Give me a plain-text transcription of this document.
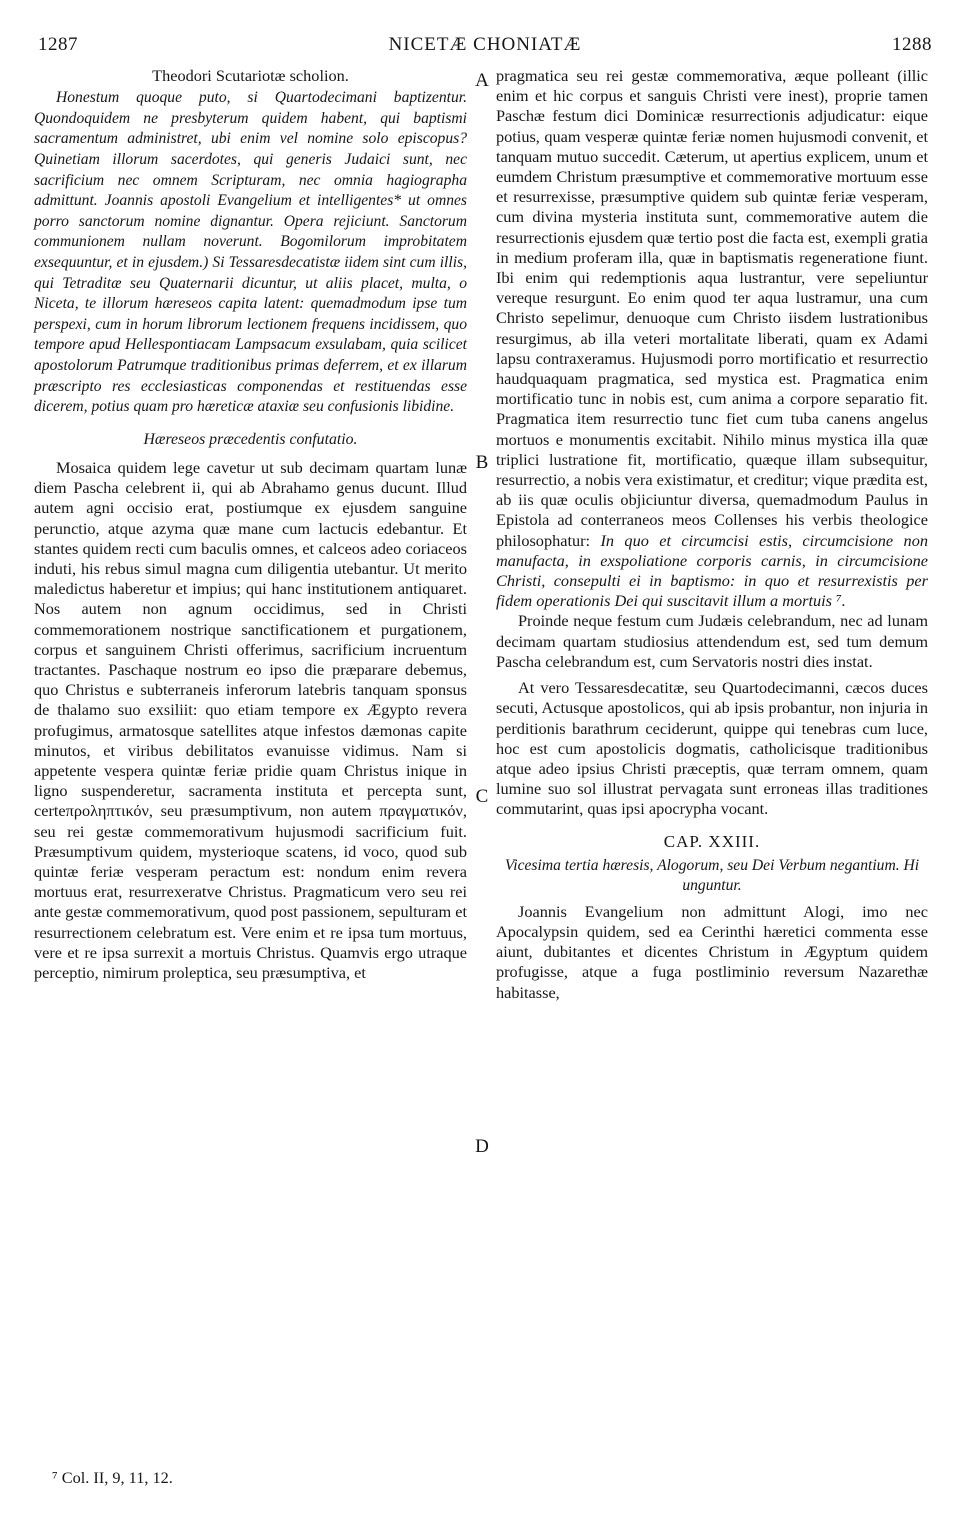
1287	NICETÆ CHONIATÆ	1288

Theodori Scutariotæ scholion.

Honestum quoque puto, si Quartodecimani baptizentur. Quondoquidem ne presbyterum quidem habent, qui baptismi sacramentum administret, ubi enim vel nomine solo episcopus? Quinetiam illorum sacerdotes, qui generis Judaici sunt, nec sacrificium nec omnem Scripturam, nec omnia hagiographa admittunt. Joannis apostoli Evangelium et intelligentes* ut omnes porro sanctorum nomine dignantur. Opera rejiciunt. Sanctorum communionem nullam noverunt. Bogomilorum improbitatem exsequuntur, et in ejusdem.) Si Tessaresdecatistæ iidem sint cum illis, qui Tetraditæ seu Quaternarii dicuntur, ut aliis placet, multa, o Niceta, te illorum hæreseos capita latent: quemadmodum ipse tum perspexi, cum in horum librorum lectionem frequens incidissem, quo tempore apud Hellespontiacam Lampsacum exsulabam, quia scilicet apostolorum Patrumque traditionibus primas deferrem, et ex illarum præscripto res ecclesiasticas componendas et restituendas esse dicerem, potius quam pro hæreticæ ataxiæ seu confusionis libidine.

Hæreseos præcedentis confutatio.

Mosaica quidem lege cavetur ut sub decimam quartam lunæ diem Pascha celebrent ii, qui ab Abrahamo genus ducunt. Illud autem agni occisio erat, postiumque ex ejusdem sanguine perunctio, atque azyma quæ mane cum lactucis edebantur. Et stantes quidem recti cum baculis omnes, et calceos adeo coriaceos induti, his rebus simul magna cum diligentia utebantur. Ut merito maledictus haberetur et impius; qui hanc institutionem antiquaret. Nos autem non agnum occidimus, sed in Christi commemorationem nostrique sanctificationem et purgationem, corpus et sanguinem Christi offerimus, sacrificium incruentum tractantes. Paschaque nostrum eo ipso die præparare debemus, quo Christus e subterraneis inferorum latebris tanquam sponsus de thalamo suo exsiliit: quo etiam tempore ex Ægypto revera profugimus, armatosque satellites atque infestos dæmonas capite minutos, et viribus debilitatos evanuisse vidimus. Nam si appetente vespera quintæ feriæ pridie quam Christus inique in ligno suspenderetur, sacramenta instituta et percepta sunt, certeπροληπτικόν, seu præsumptivum, non autem πραγματικόν, seu rei gestæ commemorativum hujusmodi sacrificium fuit. Præsumptivum quidem, mysterioque scatens, id voco, quod sub quintæ feriæ vesperam peractum est: nondum enim revera mortuus erat, resurrexeratve Christus. Pragmaticum vero seu rei ante gestæ commemorativum, quod post passionem, sepulturam et resurrectionem celebratum est. Vere enim et re ipsa tum mortuus, vere et re ipsa surrexit a mortuis Christus. Quamvis ergo utraque perceptio, nimirum proleptica, seu præsumptiva, et

pragmatica seu rei gestæ commemorativa, æque polleant (illic enim et hic corpus et sanguis Christi vere inest), proprie tamen Paschæ festum dici Dominicæ resurrectionis adjudicatur: eique potius, quam vesperæ quintæ feriæ nomen hujusmodi convenit, et tanquam mutuo succedit. Cæterum, ut apertius explicem, unum et eumdem Christum præsumptive et commemorative mortuum esse et resurrexisse, præsumptive quidem sub quintæ feriæ vesperam, cum divina mysteria instituta sunt, commemorative autem die resurrectionis ejusdem quæ tertio post die facta est, exempli gratia in medium proferam illa, quæ in baptismatis regeneratione fiunt. Ibi enim qui redemptionis aqua lustrantur, vere sepeliuntur vereque resurgunt. Eo enim quod ter aqua lustramur, una cum Christo sepelimur, denuoque cum Christo iisdem lustrationibus resurgimus, ab illa veteri mortalitate liberati, quam ex Adami lapsu contraxeramus. Hujusmodi porro mortificatio et resurrectio haudquaquam pragmatica, sed mystica est. Pragmatica enim mortificatio tunc in nobis est, cum anima a corpore separatio fit. Pragmatica item resurrectio tunc fiet cum tuba canens angelus mortuos e monumentis excitabit. Nihilo minus mystica illa quæ triplici lustratione fit, mortificatio, quæque illam subsequitur, resurrectio, a nobis vera existimatur, et creditur; vique prædita est, ab iis quæ oculis objiciuntur diversa, quemadmodum Paulus in Epistola ad conterraneos meos Collenses his verbis theologice philosophatur: In quo et circumcisi estis, circumcisione non manufacta, in exspoliatione corporis carnis, in circumcisione Christi, consepulti ei in baptismo: in quo et resurrexistis per fidem operationis Dei qui suscitavit illum a mortuis ⁷.

Proinde neque festum cum Judæis celebrandum, nec ad lunam decimam quartam studiosius attendendum est, sed tum demum Pascha celebrandum est, cum Servatoris nostri dies instat.

At vero Tessaresdecatitæ, seu Quartodecimanni, cæcos duces secuti, Actusque apostolicos, qui ab ipsis probantur, non injuria in perditionis barathrum ceciderunt, quippe qui tenebras cum luce, hoc est cum apostolicis dogmatis, catholicisque traditionibus atque adeo ipsius Christi præceptis, quæ terram omnem, quam lumine suo sol illustrat pervagata sunt erroneas illas traditiones commutarint, quas ipsi apocrypha vocant.

CAP. XXIII.

Vicesima tertia hæresis, Alogorum, seu Dei Verbum negantium. Hi unguntur.

Joannis Evangelium non admittunt Alogi, imo nec Apocalypsin quidem, sed ea Cerinthi hæretici commenta esse aiunt, dubitantes et dicentes Christum in Ægyptum quidem profugisse, atque a fuga postliminio reversum Nazarethæ habitasse,

A
B
C
D
⁷ Col. II, 9, 11, 12.
